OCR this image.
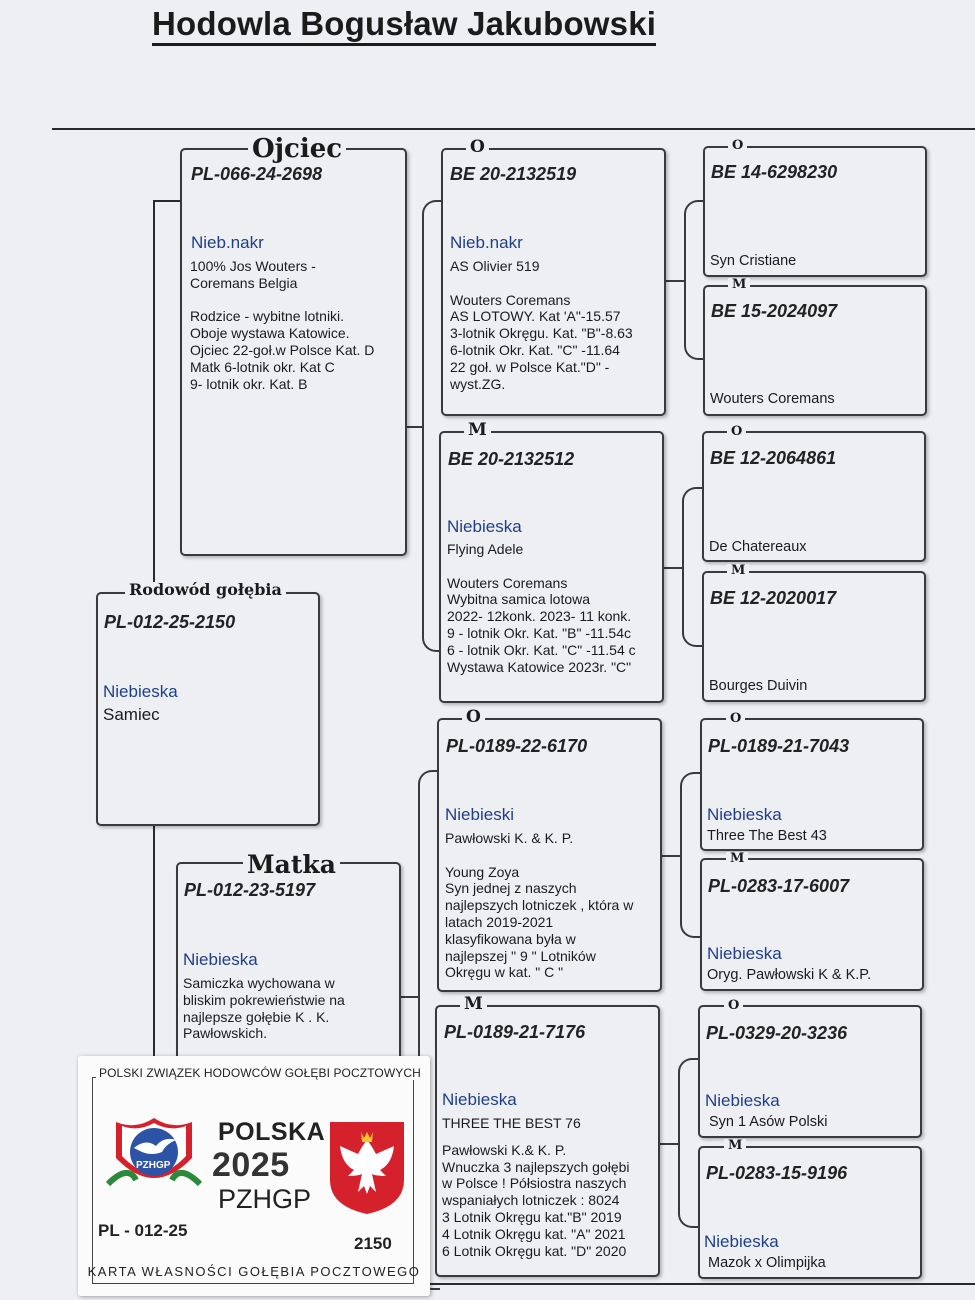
Hodowla Bogusław Jakubowski
PL-066-24-2698
Nieb.nakr
100% Jos Wouters -
Coremans Belgia
Rodzice - wybitne lotniki.
Oboje wystawa Katowice.
Ojciec 22-goł.w Polsce Kat. D
Matk 6-lotnik okr. Kat C
9- lotnik okr. Kat. B
Ojciec
PL-012-25-2150
Niebieska
Samiec
Rodowód gołębia
PL-012-23-5197
Niebieska
Samiczka wychowana w
bliskim pokrewieństwie na
najlepsze gołębie K . K.
Pawłowskich.
Matka
BE 20-2132519
Nieb.nakr
AS Olivier 519
Wouters Coremans
AS LOTOWY. Kat 'A"-15.57
3-lotnik Okręgu. Kat. "B"-8.63
6-lotnik Okr. Kat. "C" -11.64
22 goł. w Polsce Kat."D" -
wyst.ZG.
O
BE 20-2132512
Niebieska
Flying Adele
Wouters Coremans
Wybitna samica lotowa
2022- 12konk. 2023- 11 konk.
9 - lotnik Okr. Kat. "B" -11.54c
6 - lotnik Okr. Kat. "C" -11.54 c
Wystawa Katowice 2023r. "C"
M
PL-0189-22-6170
Niebieski
Pawłowski K. & K. P.
Young Zoya
Syn jednej z naszych
najlepszych lotniczek , która w
latach 2019-2021
klasyfikowana była w
najlepszej " 9 " Lotników
Okręgu w kat. " C "
O
PL-0189-21-7176
Niebieska
THREE THE BEST 76
Pawłowski K.& K. P.
Wnuczka 3 najlepszych gołębi
w Polsce ! Półsiostra naszych
wspaniałych lotniczek : 8024
3 Lotnik Okręgu kat."B" 2019
4 Lotnik Okręgu kat. "A" 2021
6 Lotnik Okręgu kat. "D" 2020
M
BE 14-6298230
Syn Cristiane
O
BE 15-2024097
Wouters Coremans
M
BE 12-2064861
De Chatereaux
O
BE 12-2020017
Bourges Duivin
M
PL-0189-21-7043
Niebieska
Three The Best 43
O
PL-0283-17-6007
Niebieska
Oryg. Pawłowski K & K.P.
M
PL-0329-20-3236
Niebieska
Syn 1 Asów Polski
O
PL-0283-15-9196
Niebieska
Mazok x Olimpijka
M
POLSKI ZWIĄZEK HODOWCÓW GOŁĘBI POCZTOWYCH
PZHGP
POLSKA
2025
PZHGP
PL - 012-25
2150
KARTA WŁASNOŚCI GOŁĘBIA POCZTOWEGO
